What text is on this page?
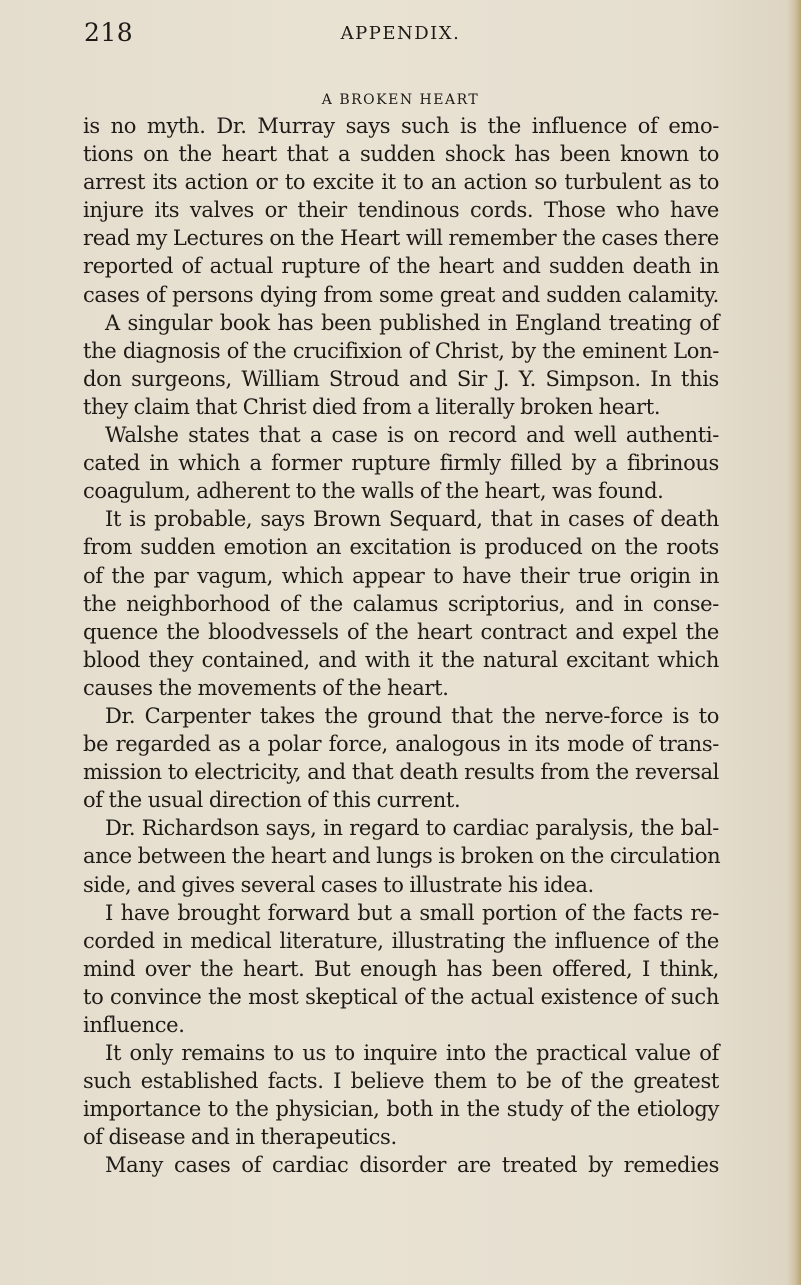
218	APPENDIX.
A BROKEN HEART
is no myth. Dr. Murray says such is the influence of emo-
tions on the heart that a sudden shock has been known to
arrest its action or to excite it to an action so turbulent as to
injure its valves or their tendinous cords. Those who have
read my Lectures on the Heart will remember the cases there
reported of actual rupture of the heart and sudden death in
cases of persons dying from some great and sudden calamity.
A singular book has been published in England treating of
the diagnosis of the crucifixion of Christ, by the eminent Lon-
don surgeons, William Stroud and Sir J. Y. Simpson. In this
they claim that Christ died from a literally broken heart.
Walshe states that a case is on record and well authenti-
cated in which a former rupture firmly filled by a fibrinous
coagulum, adherent to the walls of the heart, was found.
It is probable, says Brown Sequard, that in cases of death
from sudden emotion an excitation is produced on the roots
of the par vagum, which appear to have their true origin in
the neighborhood of the calamus scriptorius, and in conse-
quence the bloodvessels of the heart contract and expel the
blood they contained, and with it the natural excitant which
causes the movements of the heart.
Dr. Carpenter takes the ground that the nerve-force is to
be regarded as a polar force, analogous in its mode of trans-
mission to electricity, and that death results from the reversal
of the usual direction of this current.
Dr. Richardson says, in regard to cardiac paralysis, the bal-
ance between the heart and lungs is broken on the circulation
side, and gives several cases to illustrate his idea.
I have brought forward but a small portion of the facts re-
corded in medical literature, illustrating the influence of the
mind over the heart. But enough has been offered, I think,
to convince the most skeptical of the actual existence of such
influence.
It only remains to us to inquire into the practical value of
such established facts. I believe them to be of the greatest
importance to the physician, both in the study of the etiology
of disease and in therapeutics.
Many cases of cardiac disorder are treated by remedies
